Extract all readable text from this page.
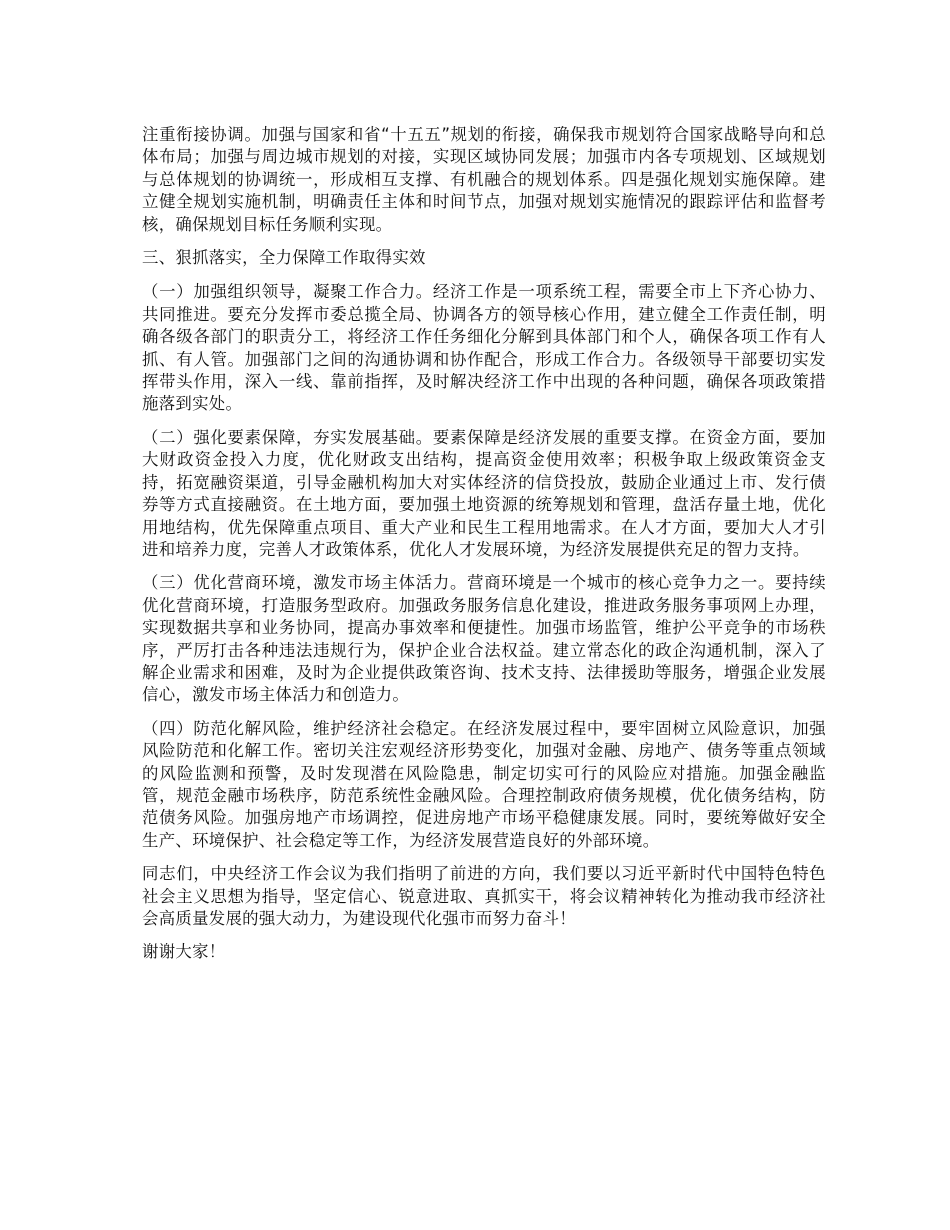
注重衔接协调。加强与国家和省“十五五”规划的衔接，确保我市规划符合国家战略导向和总体布局；加强与周边城市规划的对接，实现区域协同发展；加强市内各专项规划、区域规划与总体规划的协调统一，形成相互支撑、有机融合的规划体系。四是强化规划实施保障。建立健全规划实施机制，明确责任主体和时间节点，加强对规划实施情况的跟踪评估和监督考核，确保规划目标任务顺利实现。

三、狠抓落实，全力保障工作取得实效

（一）加强组织领导，凝聚工作合力。经济工作是一项系统工程，需要全市上下齐心协力、共同推进。要充分发挥市委总揽全局、协调各方的领导核心作用，建立健全工作责任制，明确各级各部门的职责分工，将经济工作任务细化分解到具体部门和个人，确保各项工作有人抓、有人管。加强部门之间的沟通协调和协作配合，形成工作合力。各级领导干部要切实发挥带头作用，深入一线、靠前指挥，及时解决经济工作中出现的各种问题，确保各项政策措施落到实处。

（二）强化要素保障，夯实发展基础。要素保障是经济发展的重要支撑。在资金方面，要加大财政资金投入力度，优化财政支出结构，提高资金使用效率；积极争取上级政策资金支持，拓宽融资渠道，引导金融机构加大对实体经济的信贷投放，鼓励企业通过上市、发行债券等方式直接融资。在土地方面，要加强土地资源的统筹规划和管理，盘活存量土地，优化用地结构，优先保障重点项目、重大产业和民生工程用地需求。在人才方面，要加大人才引进和培养力度，完善人才政策体系，优化人才发展环境，为经济发展提供充足的智力支持。

（三）优化营商环境，激发市场主体活力。营商环境是一个城市的核心竞争力之一。要持续优化营商环境，打造服务型政府。加强政务服务信息化建设，推进政务服务事项网上办理，实现数据共享和业务协同，提高办事效率和便捷性。加强市场监管，维护公平竞争的市场秩序，严厉打击各种违法违规行为，保护企业合法权益。建立常态化的政企沟通机制，深入了解企业需求和困难，及时为企业提供政策咨询、技术支持、法律援助等服务，增强企业发展信心，激发市场主体活力和创造力。

（四）防范化解风险，维护经济社会稳定。在经济发展过程中，要牢固树立风险意识，加强风险防范和化解工作。密切关注宏观经济形势变化，加强对金融、房地产、债务等重点领域的风险监测和预警，及时发现潜在风险隐患，制定切实可行的风险应对措施。加强金融监管，规范金融市场秩序，防范系统性金融风险。合理控制政府债务规模，优化债务结构，防范债务风险。加强房地产市场调控，促进房地产市场平稳健康发展。同时，要统筹做好安全生产、环境保护、社会稳定等工作，为经济发展营造良好的外部环境。

同志们，中央经济工作会议为我们指明了前进的方向，我们要以习近平新时代中国特色特色社会主义思想为指导，坚定信心、锐意进取、真抓实干，将会议精神转化为推动我市经济社会高质量发展的强大动力，为建设现代化强市而努力奋斗！

谢谢大家！
